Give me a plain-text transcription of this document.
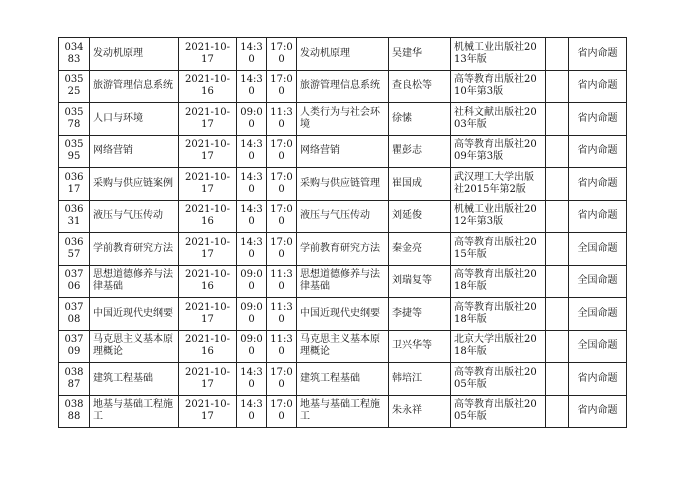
03483	发动机原理	2021-10-17	14:30	17:00	发动机原理	吴建华	机械工业出版社2013年版		省内命题
03525	旅游管理信息系统	2021-10-16	14:30	17:00	旅游管理信息系统	查良松等	高等教育出版社2010年第3版		省内命题
03578	人口与环境	2021-10-17	09:00	11:30	人类行为与社会环境	徐愫	社科文献出版社2003年版		省内命题
03595	网络营销	2021-10-17	14:30	17:00	网络营销	瞿彭志	高等教育出版社2009年第3版		省内命题
03617	采购与供应链案例	2021-10-17	14:30	17:00	采购与供应链管理	崔国成	武汉理工大学出版社2015年第2版		省内命题
03631	液压与气压传动	2021-10-16	14:30	17:00	液压与气压传动	刘延俊	机械工业出版社2012年第3版		省内命题
03657	学前教育研究方法	2021-10-17	14:30	17:00	学前教育研究方法	秦金亮	高等教育出版社2015年版		全国命题
03706	思想道德修养与法律基础	2021-10-16	09:00	11:30	思想道德修养与法律基础	刘瑞复等	高等教育出版社2018年版		全国命题
03708	中国近现代史纲要	2021-10-17	09:00	11:30	中国近现代史纲要	李捷等	高等教育出版社2018年版		全国命题
03709	马克思主义基本原理概论	2021-10-16	09:00	11:30	马克思主义基本原理概论	卫兴华等	北京大学出版社2018年版		全国命题
03887	建筑工程基础	2021-10-17	14:30	17:00	建筑工程基础	韩培江	高等教育出版社2005年版		省内命题
03888	地基与基础工程施工	2021-10-17	14:30	17:00	地基与基础工程施工	朱永祥	高等教育出版社2005年版		省内命题
